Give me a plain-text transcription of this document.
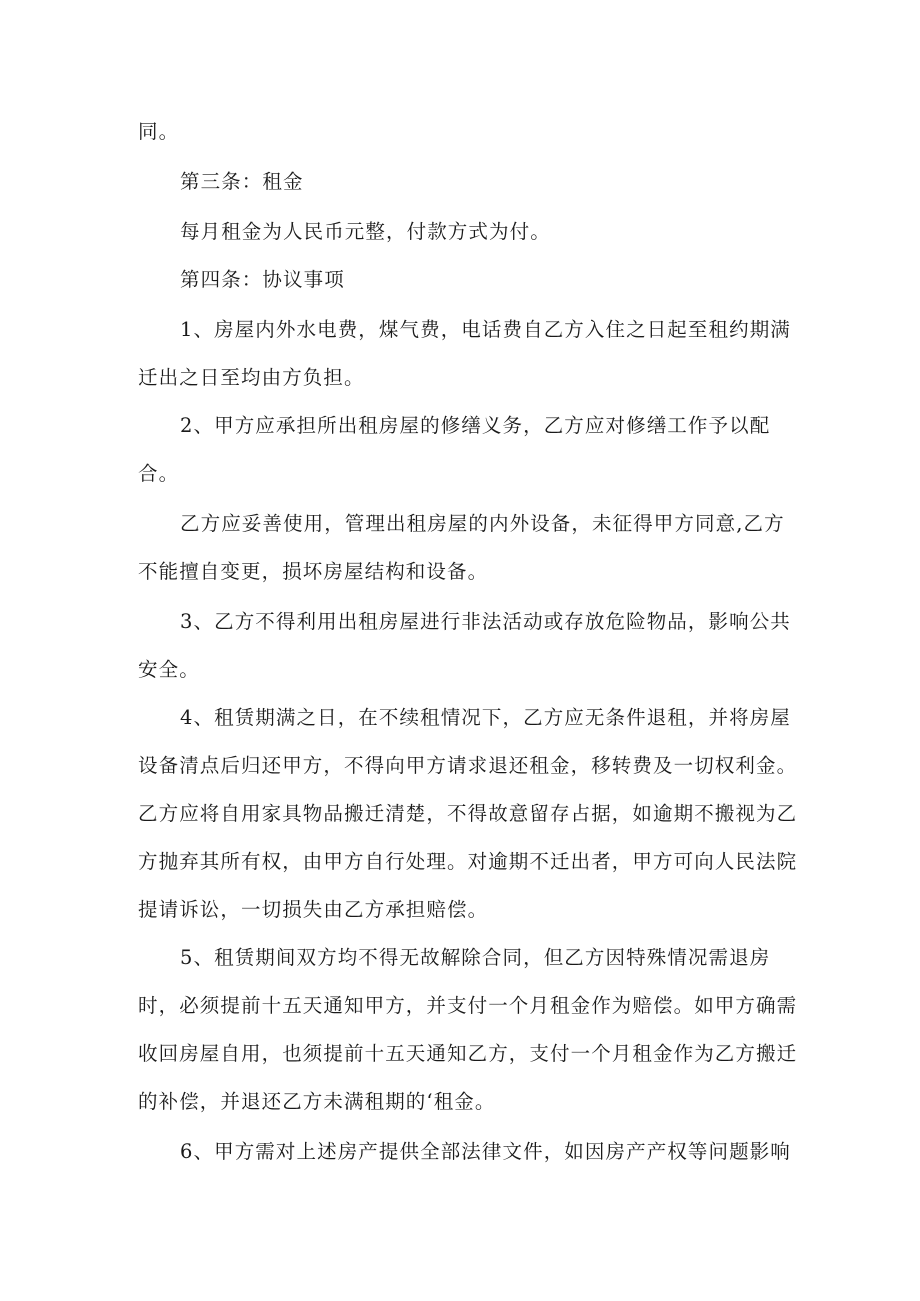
同。
第三条：租金
每月租金为人民币元整，付款方式为付。
第四条：协议事项
1、房屋内外水电费，煤气费，电话费自乙方入住之日起至租约期满
迁出之日至均由方负担。
2、甲方应承担所出租房屋的修缮义务，乙方应对修缮工作予以配
合。
乙方应妥善使用，管理出租房屋的内外设备，未征得甲方同意,乙方
不能擅自变更，损坏房屋结构和设备。
3、乙方不得利用出租房屋进行非法活动或存放危险物品，影响公共
安全。
4、租赁期满之日，在不续租情况下，乙方应无条件退租，并将房屋
设备清点后归还甲方，不得向甲方请求退还租金，移转费及一切权利金。
乙方应将自用家具物品搬迁清楚，不得故意留存占据，如逾期不搬视为乙
方抛弃其所有权，由甲方自行处理。对逾期不迁出者，甲方可向人民法院
提请诉讼，一切损失由乙方承担赔偿。
5、租赁期间双方均不得无故解除合同，但乙方因特殊情况需退房
时，必须提前十五天通知甲方，并支付一个月租金作为赔偿。如甲方确需
收回房屋自用，也须提前十五天通知乙方，支付一个月租金作为乙方搬迁
的补偿，并退还乙方未满租期的‘租金。
6、甲方需对上述房产提供全部法律文件，如因房产产权等问题影响
